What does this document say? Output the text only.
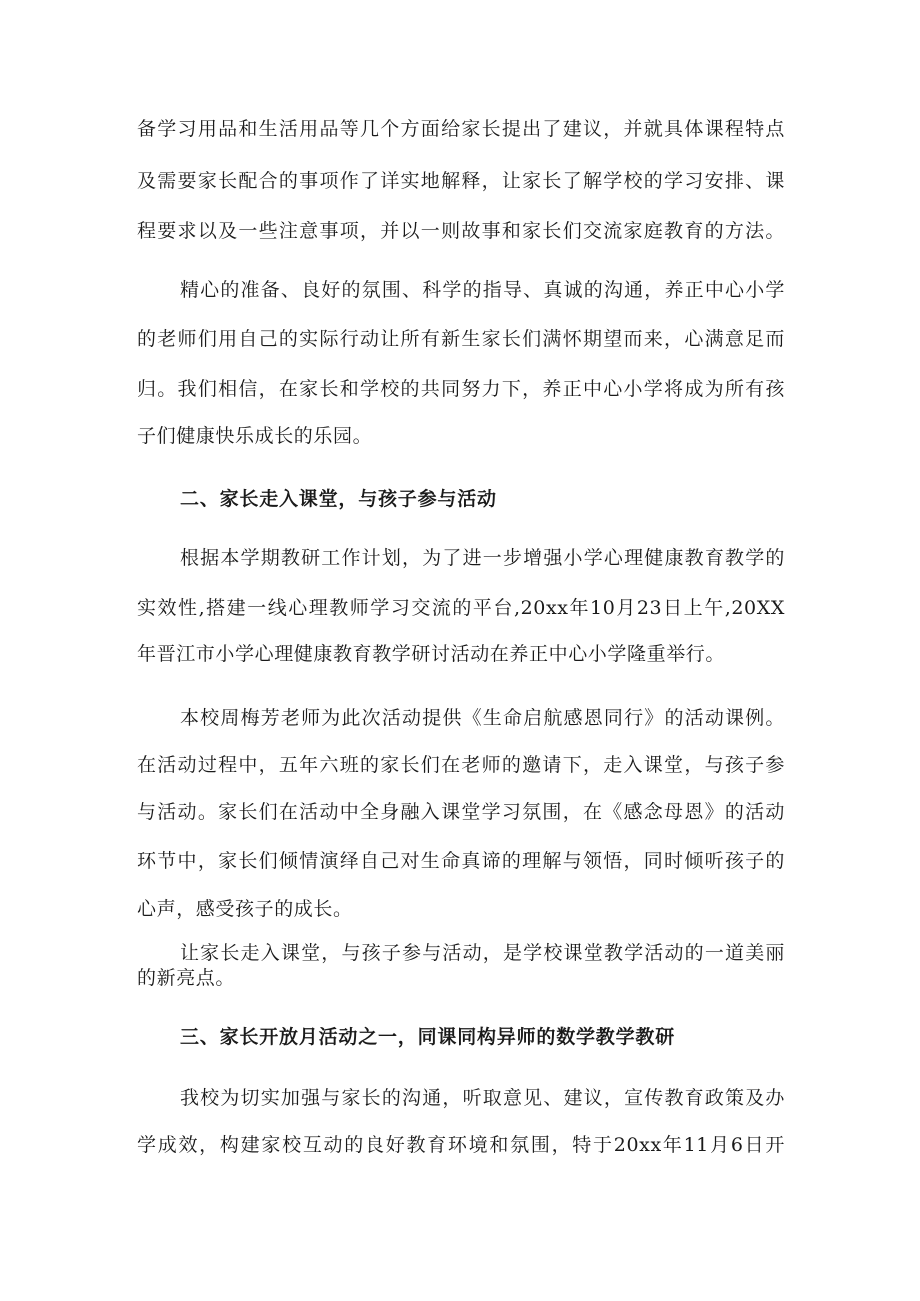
备学习用品和生活用品等几个方面给家长提出了建议，并就具体课程特点
及需要家长配合的事项作了详实地解释，让家长了解学校的学习安排、课
程要求以及一些注意事项，并以一则故事和家长们交流家庭教育的方法。
精心的准备、良好的氛围、科学的指导、真诚的沟通，养正中心小学
的老师们用自己的实际行动让所有新生家长们满怀期望而来，心满意足而
归。我们相信，在家长和学校的共同努力下，养正中心小学将成为所有孩
子们健康快乐成长的乐园。
二、家长走入课堂，与孩子参与活动
根据本学期教研工作计划，为了进一步增强小学心理健康教育教学的
实效性,搭建一线心理教师学习交流的平台,20xx年10月23日上午,20XX
年晋江市小学心理健康教育教学研讨活动在养正中心小学隆重举行。
本校周梅芳老师为此次活动提供《生命启航感恩同行》的活动课例。
在活动过程中，五年六班的家长们在老师的邀请下，走入课堂，与孩子参
与活动。家长们在活动中全身融入课堂学习氛围，在《感念母恩》的活动
环节中，家长们倾情演绎自己对生命真谛的理解与领悟，同时倾听孩子的
心声，感受孩子的成长。
让家长走入课堂，与孩子参与活动，是学校课堂教学活动的一道美丽
的新亮点。
三、家长开放月活动之一，同课同构异师的数学教学教研
我校为切实加强与家长的沟通，听取意见、建议，宣传教育政策及办
学成效，构建家校互动的良好教育环境和氛围，特于20xx年11月6日开
